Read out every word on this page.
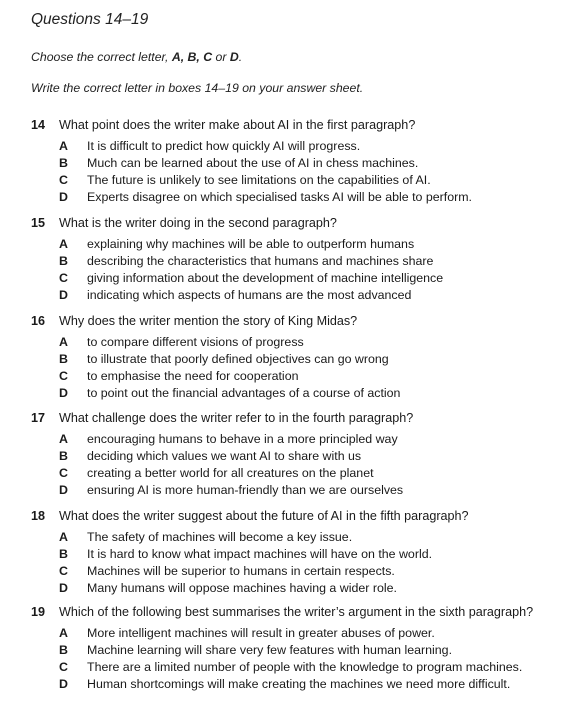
Questions 14–19
Choose the correct letter, A, B, C or D.
Write the correct letter in boxes 14–19 on your answer sheet.
14	What point does the writer make about AI in the first paragraph?
A	It is difficult to predict how quickly AI will progress.
B	Much can be learned about the use of AI in chess machines.
C	The future is unlikely to see limitations on the capabilities of AI.
D	Experts disagree on which specialised tasks AI will be able to perform.
15	What is the writer doing in the second paragraph?
A	explaining why machines will be able to outperform humans
B	describing the characteristics that humans and machines share
C	giving information about the development of machine intelligence
D	indicating which aspects of humans are the most advanced
16	Why does the writer mention the story of King Midas?
A	to compare different visions of progress
B	to illustrate that poorly defined objectives can go wrong
C	to emphasise the need for cooperation
D	to point out the financial advantages of a course of action
17	What challenge does the writer refer to in the fourth paragraph?
A	encouraging humans to behave in a more principled way
B	deciding which values we want AI to share with us
C	creating a better world for all creatures on the planet
D	ensuring AI is more human-friendly than we are ourselves
18	What does the writer suggest about the future of AI in the fifth paragraph?
A	The safety of machines will become a key issue.
B	It is hard to know what impact machines will have on the world.
C	Machines will be superior to humans in certain respects.
D	Many humans will oppose machines having a wider role.
19	Which of the following best summarises the writer’s argument in the sixth paragraph?
A	More intelligent machines will result in greater abuses of power.
B	Machine learning will share very few features with human learning.
C	There are a limited number of people with the knowledge to program machines.
D	Human shortcomings will make creating the machines we need more difficult.
